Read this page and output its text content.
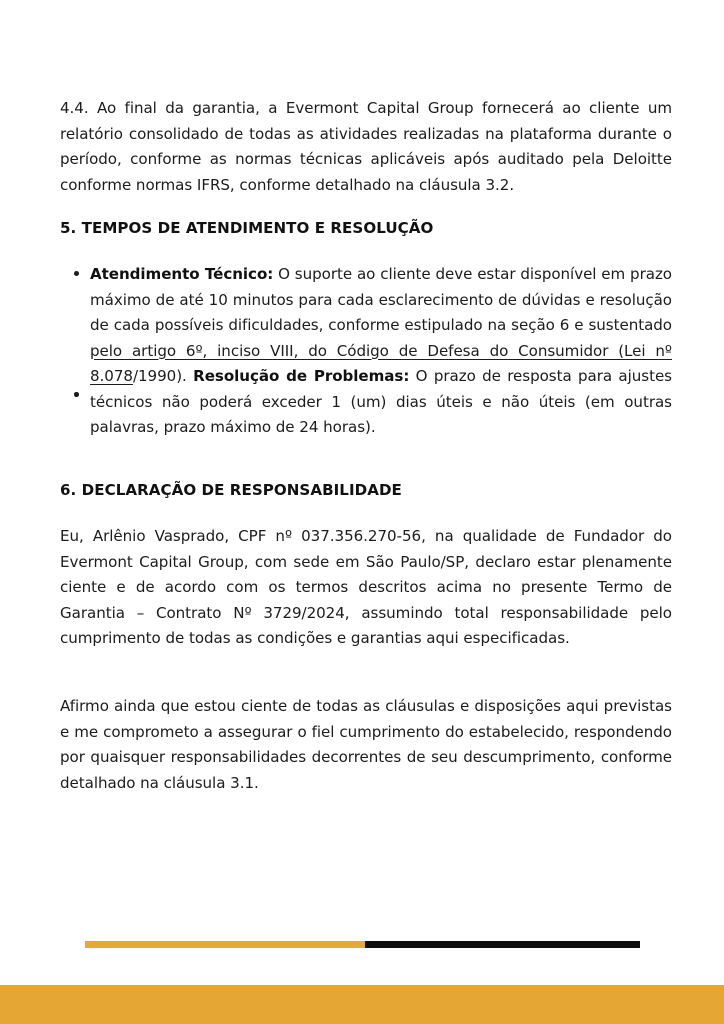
4.4. Ao final da garantia, a Evermont Capital Group fornecerá ao cliente um relatório consolidado de todas as atividades realizadas na plataforma durante o período, conforme as normas técnicas aplicáveis após auditado pela Deloitte conforme normas IFRS, conforme detalhado na cláusula 3.2.

5. TEMPOS DE ATENDIMENTO E RESOLUÇÃO
Atendimento Técnico: O suporte ao cliente deve estar disponível em prazo máximo de até 10 minutos para cada esclarecimento de dúvidas e resolução de cada possíveis dificuldades, conforme estipulado na seção 6 e sustentado pelo artigo 6º, inciso VIII, do Código de Defesa do Consumidor (Lei nº 8.078/1990). Resolução de Problemas: O prazo de resposta para ajustes técnicos não poderá exceder 1 (um) dias úteis e não úteis (em outras palavras, prazo máximo de 24 horas).
6. DECLARAÇÃO DE RESPONSABILIDADE

Eu, Arlênio Vasprado, CPF nº 037.356.270-56, na qualidade de Fundador do Evermont Capital Group, com sede em São Paulo/SP, declaro estar plenamente ciente e de acordo com os termos descritos acima no presente Termo de Garantia – Contrato Nº 3729/2024, assumindo total responsabilidade pelo cumprimento de todas as condições e garantias aqui especificadas.

Afirmo ainda que estou ciente de todas as cláusulas e disposições aqui previstas e me comprometo a assegurar o fiel cumprimento do estabelecido, respondendo por quaisquer responsabilidades decorrentes de seu descumprimento, conforme detalhado na cláusula 3.1.
